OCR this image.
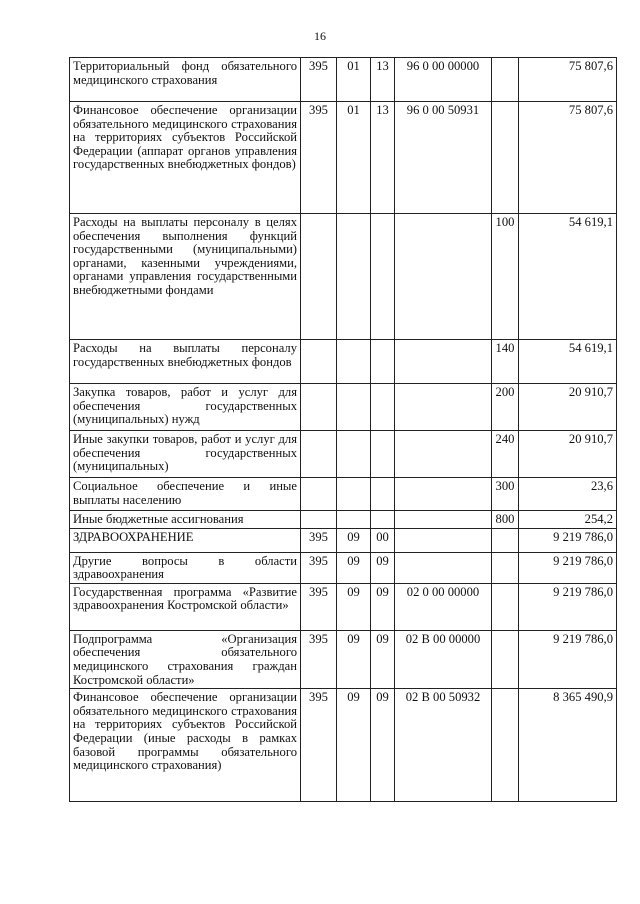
16
Территориальный фонд обязательного медицинского страхования	395	01	13	96 0 00 00000		75 807,6
Финансовое обеспечение организации обязательного медицинского страхования на территориях субъектов Российской Федерации (аппарат органов управления государственных внебюджетных фондов)	395	01	13	96 0 00 50931		75 807,6
Расходы на выплаты персоналу в целях обеспечения выполнения функций государственными (муниципальными) органами, казенными учреждениями, органами управления государственными внебюджетными фондами					100	54 619,1
Расходы на выплаты персоналу государственных внебюджетных фондов					140	54 619,1
Закупка товаров, работ и услуг для обеспечения государственных (муниципальных) нужд					200	20 910,7
Иные закупки товаров, работ и услуг для обеспечения государственных (муниципальных)					240	20 910,7
Социальное обеспечение и иные выплаты населению					300	23,6
Иные бюджетные ассигнования					800	254,2
ЗДРАВООХРАНЕНИЕ	395	09	00			9 219 786,0
Другие вопросы в области здравоохранения	395	09	09			9 219 786,0
Государственная программа «Развитие здравоохранения Костромской области»	395	09	09	02 0 00 00000		9 219 786,0
Подпрограмма «Организация обеспечения обязательного медицинского страхования граждан Костромской области»	395	09	09	02 В 00 00000		9 219 786,0
Финансовое обеспечение организации обязательного медицинского страхования на территориях субъектов Российской Федерации (иные расходы в рамках базовой программы обязательного медицинского страхования)	395	09	09	02 В 00 50932		8 365 490,9
